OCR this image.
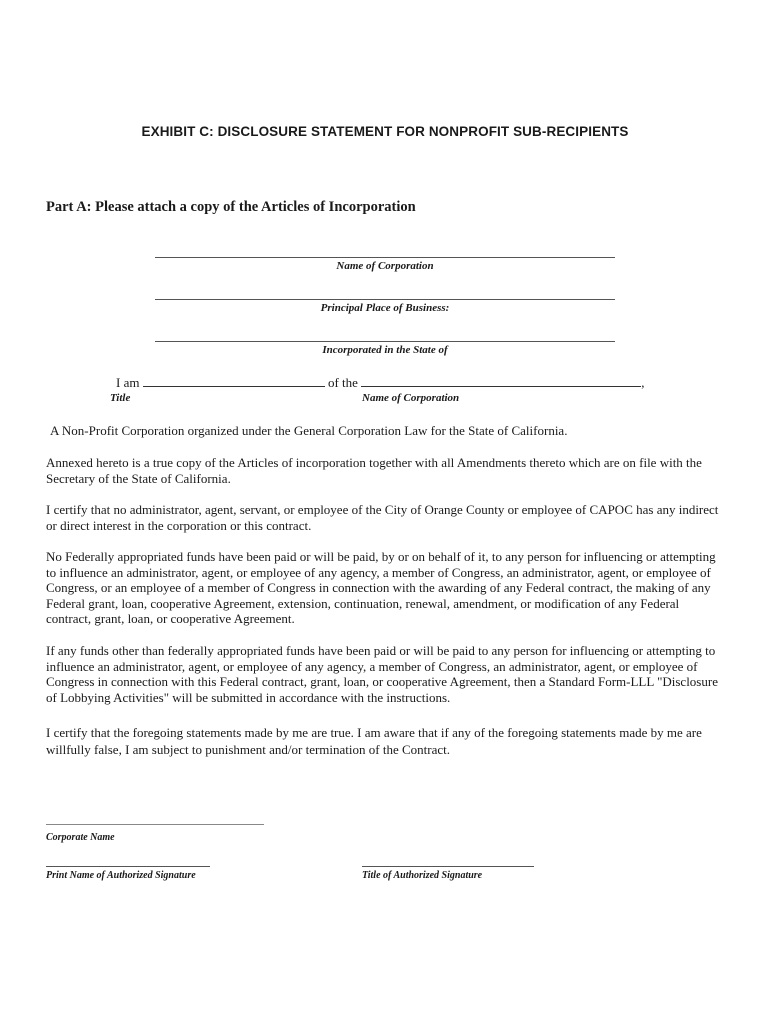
EXHIBIT C: DISCLOSURE STATEMENT FOR NONPROFIT SUB-RECIPIENTS
Part A: Please attach a copy of the Articles of Incorporation
Name of Corporation
Principal Place of Business:
Incorporated in the State of
I am	of the	,
Title	Name of Corporation
A Non-Profit Corporation organized under the General Corporation Law for the State of California.
Annexed hereto is a true copy of the Articles of incorporation together with all Amendments thereto which are on file with the Secretary of the State of California.
I certify that no administrator, agent, servant, or employee of the City of Orange County or employee of CAPOC has any indirect or direct interest in the corporation or this contract.
No Federally appropriated funds have been paid or will be paid, by or on behalf of it, to any person for influencing or attempting to influence an administrator, agent, or employee of any agency, a member of Congress, an administrator, agent, or employee of Congress, or an employee of a member of Congress in connection with the awarding of any Federal contract, the making of any Federal grant, loan, cooperative Agreement, extension, continuation, renewal, amendment, or modification of any Federal contract, grant, loan, or cooperative Agreement.
If any funds other than federally appropriated funds have been paid or will be paid to any person for influencing or attempting to influence an administrator, agent, or employee of any agency, a member of Congress, an administrator, agent, or employee of Congress in connection with this Federal contract, grant, loan, or cooperative Agreement, then a Standard Form-LLL "Disclosure of Lobbying Activities" will be submitted in accordance with the instructions.
I certify that the foregoing statements made by me are true. I am aware that if any of the foregoing statements made by me are willfully false, I am subject to punishment and/or termination of the Contract.
Corporate Name
Print Name of Authorized Signature	Title of Authorized Signature
